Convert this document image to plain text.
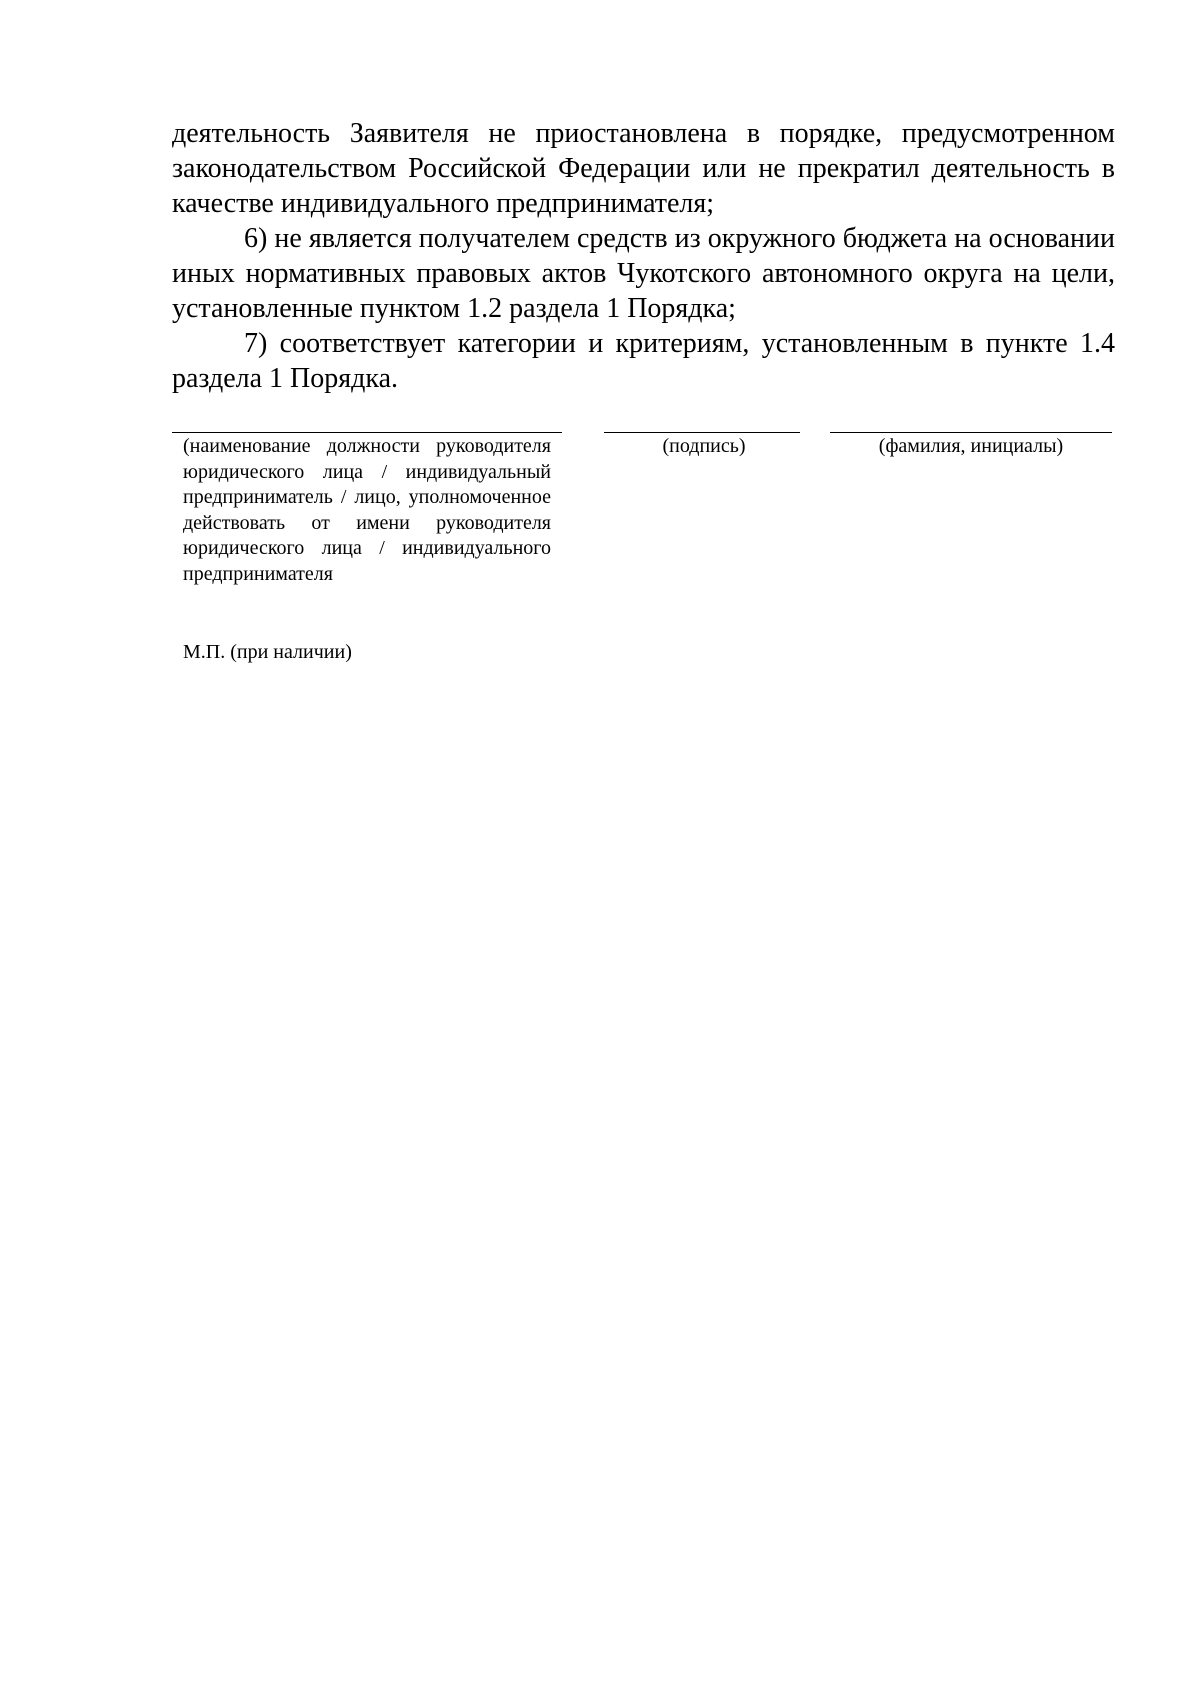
деятельность Заявителя не приостановлена в порядке, предусмотренном законодательством Российской Федерации или не прекратил деятельность в качестве индивидуального предпринимателя;

6) не является получателем средств из окружного бюджета на основании иных нормативных правовых актов Чукотского автономного округа на цели, установленные пунктом 1.2 раздела 1 Порядка;

7) соответствует категории и критериям, установленным в пункте 1.4 раздела 1 Порядка.

(наименование должности руководителя юридического лица / индивидуальный предприниматель / лицо, уполномоченное действовать от имени руководителя юридического лица / индивидуального предпринимателя
(подпись)	(фамилия, инициалы)
М.П. (при наличии)
